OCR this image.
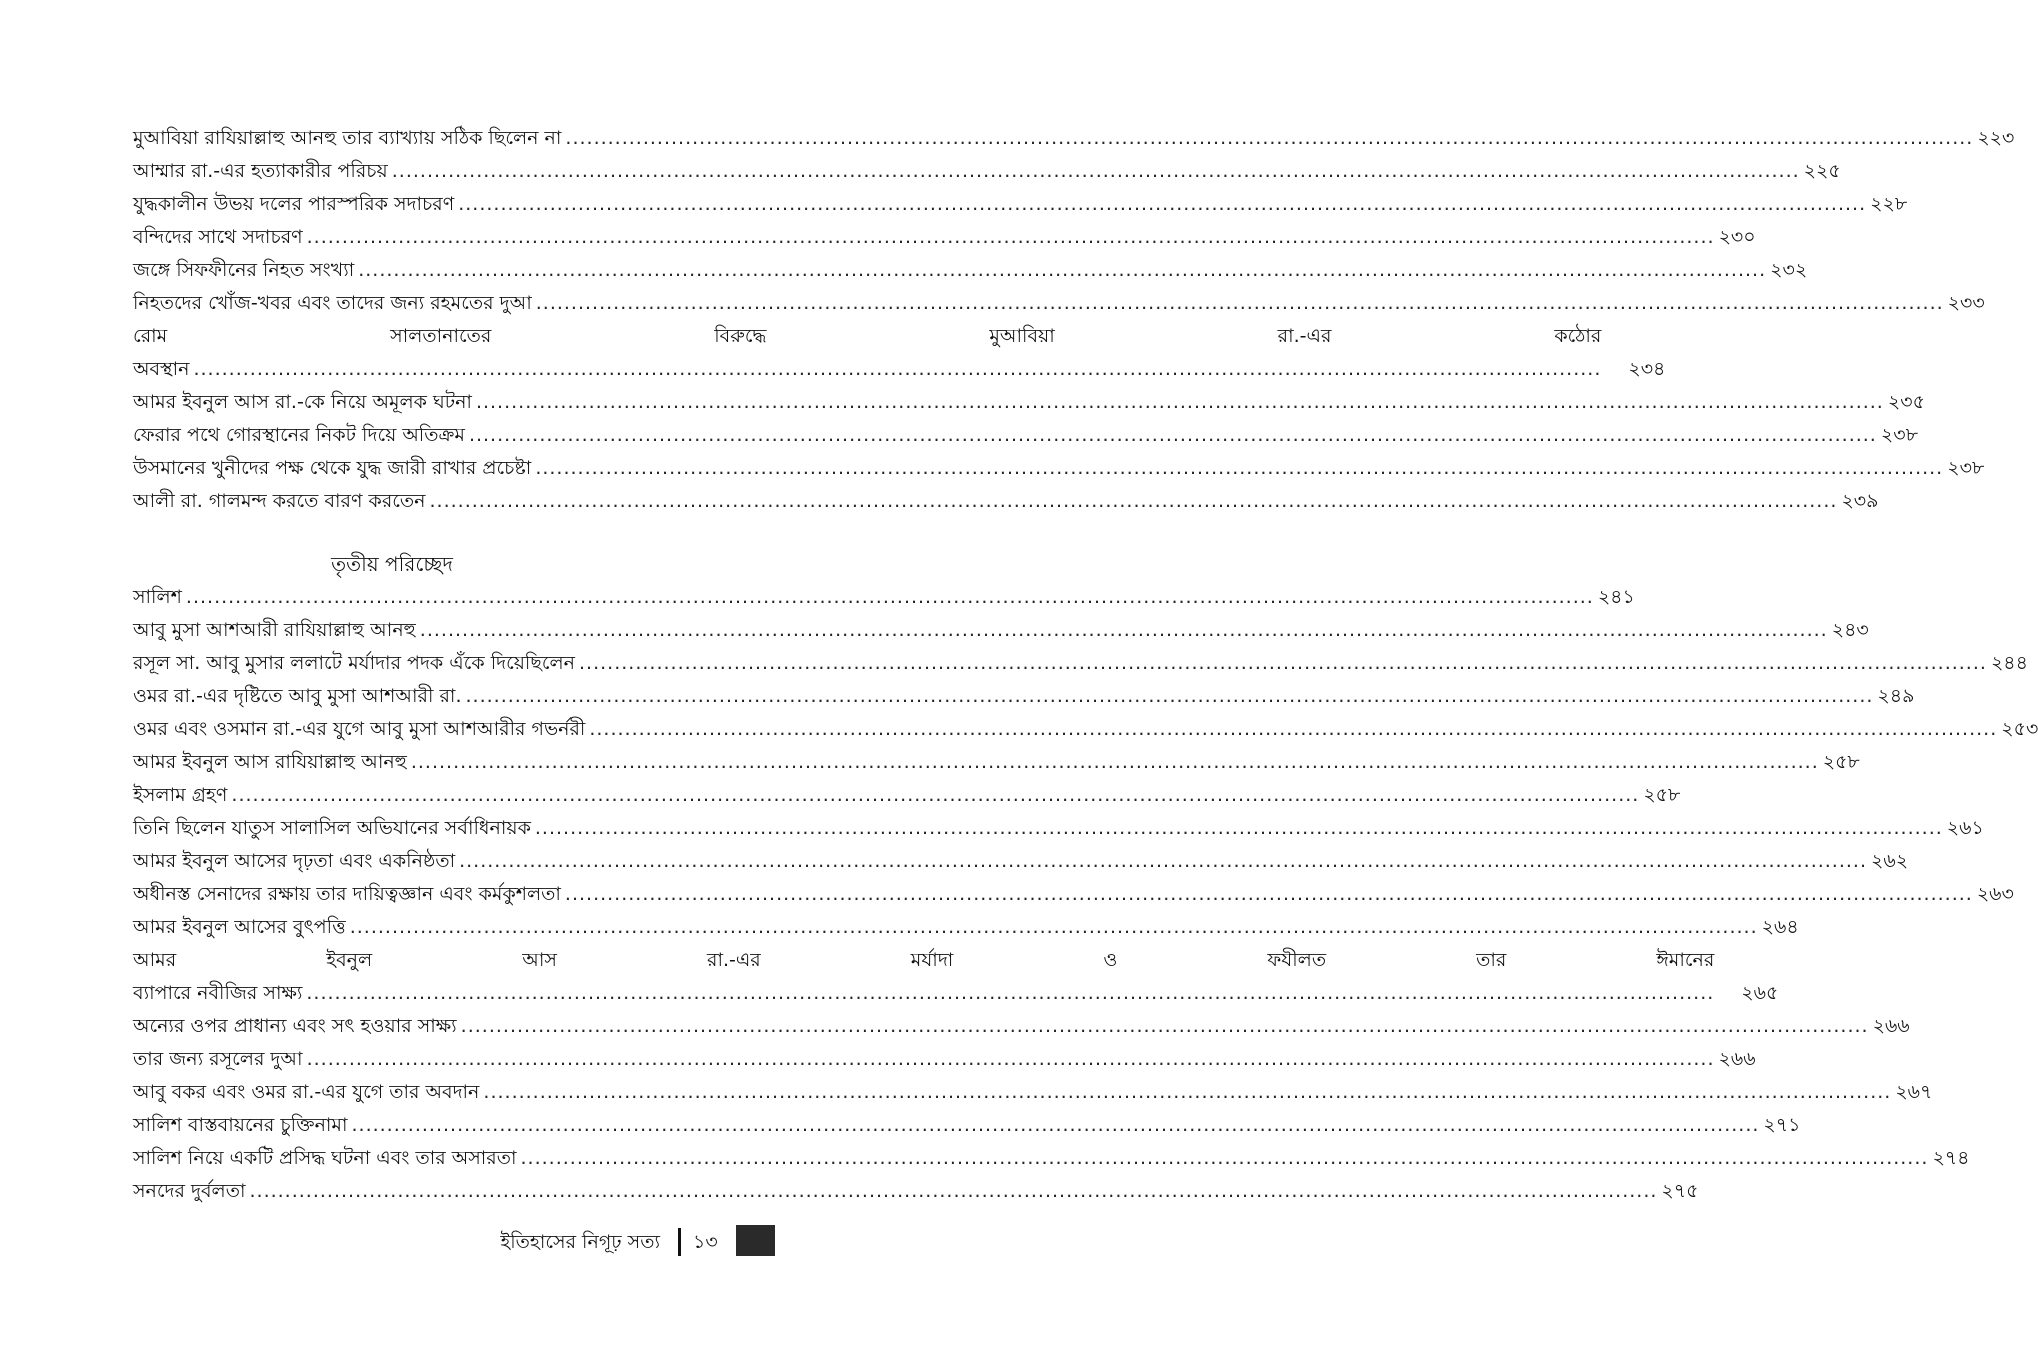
মুআবিয়া রাযিয়াল্লাহু আনহু তার ব্যাখ্যায় সঠিক ছিলেন না ........................................................................................................................................................................................................ ২২৩
আম্মার রা.-এর হত্যাকারীর পরিচয় ........................................................................................................................................................................................................ ২২৫
যুদ্ধকালীন উভয় দলের পারস্পরিক সদাচরণ ........................................................................................................................................................................................................ ২২৮
বন্দিদের সাথে সদাচরণ ........................................................................................................................................................................................................ ২৩০
জঙ্গে সিফফীনের নিহত সংখ্যা ........................................................................................................................................................................................................ ২৩২
নিহতদের খোঁজ-খবর এবং তাদের জন্য রহমতের দুআ ........................................................................................................................................................................................................ ২৩৩
রোম সালতানাতের বিরুদ্ধে মুআবিয়া রা.-এর কঠোর
অবস্থান ........................................................................................................................................................................................................	২৩৪
আমর ইবনুল আস রা.-কে নিয়ে অমূলক ঘটনা ........................................................................................................................................................................................................ ২৩৫
ফেরার পথে গোরস্থানের নিকট দিয়ে অতিক্রম ........................................................................................................................................................................................................ ২৩৮
উসমানের খুনীদের পক্ষ থেকে যুদ্ধ জারী রাখার প্রচেষ্টা ........................................................................................................................................................................................................ ২৩৮
আলী রা. গালমন্দ করতে বারণ করতেন ........................................................................................................................................................................................................ ২৩৯
তৃতীয় পরিচ্ছেদ
সালিশ ........................................................................................................................................................................................................ ২৪১
আবু মুসা আশআরী রাযিয়াল্লাহু আনহু ........................................................................................................................................................................................................ ২৪৩
রসূল সা. আবু মুসার ললাটে মর্যাদার পদক এঁকে দিয়েছিলেন ........................................................................................................................................................................................................ ২৪৪
ওমর রা.-এর দৃষ্টিতে আবু মুসা আশআরী রা. ........................................................................................................................................................................................................ ২৪৯
ওমর এবং ওসমান রা.-এর যুগে আবু মুসা আশআরীর গভর্নরী ........................................................................................................................................................................................................ ২৫৩
আমর ইবনুল আস রাযিয়াল্লাহু আনহু ........................................................................................................................................................................................................ ২৫৮
ইসলাম গ্রহণ ........................................................................................................................................................................................................ ২৫৮
তিনি ছিলেন যাতুস সালাসিল অভিযানের সর্বাধিনায়ক ........................................................................................................................................................................................................ ২৬১
আমর ইবনুল আসের দৃঢ়তা এবং একনিষ্ঠতা ........................................................................................................................................................................................................ ২৬২
অধীনস্ত সেনাদের রক্ষায় তার দায়িত্বজ্ঞান এবং কর্মকুশলতা ........................................................................................................................................................................................................ ২৬৩
আমর ইবনুল আসের বুৎপত্তি ........................................................................................................................................................................................................ ২৬৪
আমর ইবনুল আস রা.-এর মর্যাদা ও ফযীলত তার ঈমানের
ব্যাপারে নবীজির সাক্ষ্য ........................................................................................................................................................................................................	২৬৫
অন্যের ওপর প্রাধান্য এবং সৎ হওয়ার সাক্ষ্য ........................................................................................................................................................................................................ ২৬৬
তার জন্য রসূলের দুআ ........................................................................................................................................................................................................ ২৬৬
আবু বকর এবং ওমর রা.-এর যুগে তার অবদান ........................................................................................................................................................................................................ ২৬৭
সালিশ বাস্তবায়নের চুক্তিনামা ........................................................................................................................................................................................................ ২৭১
সালিশ নিয়ে একটি প্রসিদ্ধ ঘটনা এবং তার অসারতা ........................................................................................................................................................................................................ ২৭৪
সনদের দুর্বলতা ........................................................................................................................................................................................................ ২৭৫
ইতিহাসের নিগূঢ় সত্য ১৩
